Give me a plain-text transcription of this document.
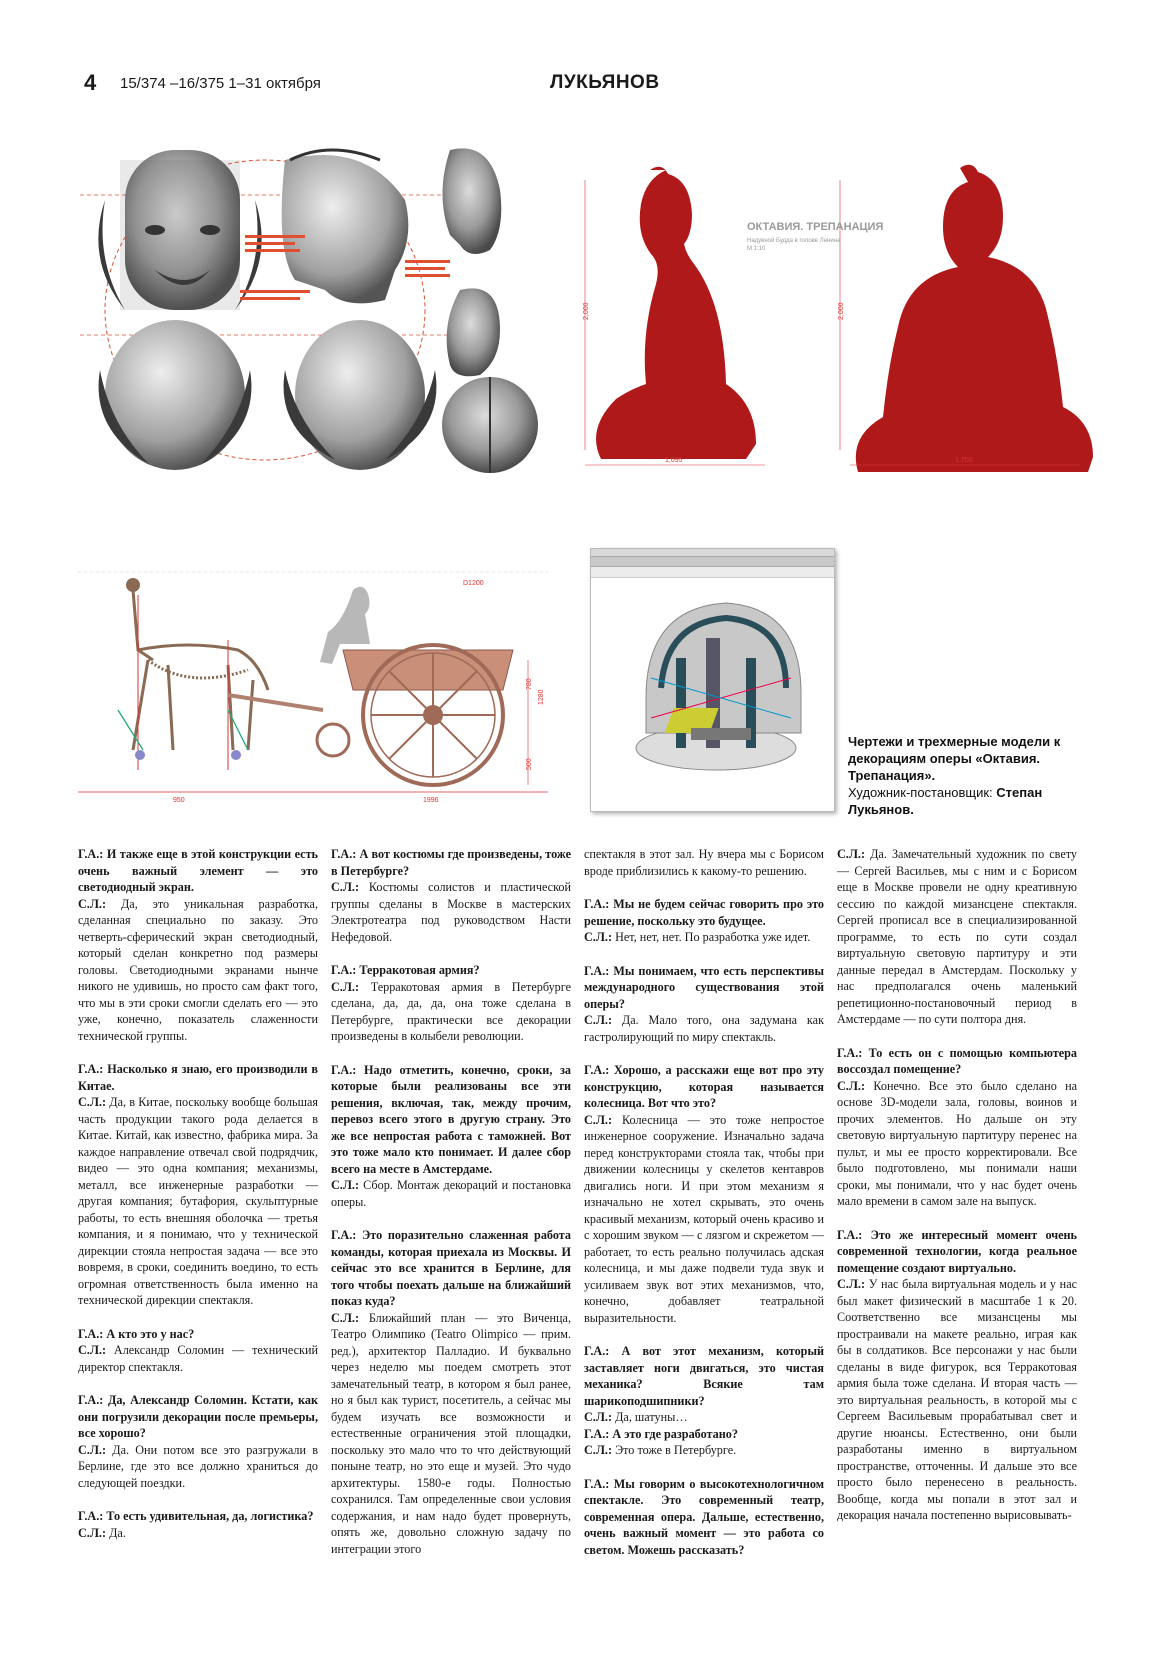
4 15/374 –16/375 1–31 октября	ЛУКЬЯНОВ
2,000	2,000
1,095	1,700
ОКТАВИЯ. ТРЕПАНАЦИЯ
Надувной Будда в голове Ленина
М 1:10
780
1280
500
D1200
1996
950
Чертежи и трехмерные модели к декорациям оперы «Октавия. Трепанация».
Художник-постановщик: Степан Лукьянов.

Г.А.: И также еще в этой конструкции есть очень важный элемент — это светодиодный экран.

С.Л.: Да, это уникальная разработка, сделанная специально по заказу. Это четверть-сферический экран светодиодный, который сделан конкретно под размеры головы. Светодиодными экранами нынче никого не удивишь, но просто сам факт того, что мы в эти сроки смогли сделать его — это уже, конечно, показатель слаженности технической группы.

Г.А.: Насколько я знаю, его производили в Китае.

С.Л.: Да, в Китае, поскольку вообще большая часть продукции такого рода делается в Китае. Китай, как известно, фабрика мира. За каждое направление отвечал свой подрядчик, видео — это одна компания; механизмы, металл, все инженерные разработки — другая компания; бутафория, скульптурные работы, то есть внешняя оболочка — третья компания, и я понимаю, что у технической дирекции стояла непростая задача — все это вовремя, в сроки, соединить воедино, то есть огромная ответственность была именно на технической дирекции спектакля.

Г.А.: А кто это у нас?

С.Л.: Александр Соломин — технический директор спектакля.

Г.А.: Да, Александр Соломин. Кстати, как они погрузили декорации после премьеры, все хорошо?

С.Л.: Да. Они потом все это разгружали в Берлине, где это все должно храниться до следующей поездки.

Г.А.: То есть удивительная, да, логистика?

С.Л.: Да.

Г.А.: А вот костюмы где произведены, тоже в Петербурге?

С.Л.: Костюмы солистов и пластической группы сделаны в Москве в мастерских Электротеатра под руководством Насти Нефедовой.

Г.А.: Терракотовая армия?

С.Л.: Терракотовая армия в Петербурге сделана, да, да, да, она тоже сделана в Петербурге, практически все декорации произведены в колыбели революции.

Г.А.: Надо отметить, конечно, сроки, за которые были реализованы все эти решения, включая, так, между прочим, перевоз всего этого в другую страну. Это же все непростая работа с таможней. Вот это тоже мало кто понимает. И далее сбор всего на месте в Амстердаме.

С.Л.: Сбор. Монтаж декораций и постановка оперы.

Г.А.: Это поразительно слаженная работа команды, которая приехала из Москвы. И сейчас это все хранится в Берлине, для того чтобы поехать дальше на ближайший показ куда?

С.Л.: Ближайший план — это Виченца, Театро Олимпико (Teatro Olimpico — прим. ред.), архитектор Палладио. И буквально через неделю мы поедем смотреть этот замечательный театр, в котором я был ранее, но я был как турист, посетитель, а сейчас мы будем изучать все возможности и естественные ограничения этой площадки, поскольку это мало что то что действующий поныне театр, но это еще и музей. Это чудо архитектуры. 1580-е годы. Полностью сохранился. Там определенные свои условия содержания, и нам надо будет провернуть, опять же, довольно сложную задачу по интеграции этого

спектакля в этот зал. Ну вчера мы с Борисом вроде приблизились к какому-то решению.

Г.А.: Мы не будем сейчас говорить про это решение, поскольку это будущее.

С.Л.: Нет, нет, нет. По разработка уже идет.

Г.А.: Мы понимаем, что есть перспективы международного существования этой оперы?

С.Л.: Да. Мало того, она задумана как гастролирующий по миру спектакль.

Г.А.: Хорошо, а расскажи еще вот про эту конструкцию, которая называется колесница. Вот что это?

С.Л.: Колесница — это тоже непростое инженерное сооружение. Изначально задача перед конструкторами стояла так, чтобы при движении колесницы у скелетов кентавров двигались ноги. И при этом механизм я изначально не хотел скрывать, это очень красивый механизм, который очень красиво и с хорошим звуком — с лязгом и скрежетом — работает, то есть реально получилась адская колесница, и мы даже подвели туда звук и усиливаем звук вот этих механизмов, что, конечно, добавляет театральной выразительности.

Г.А.: А вот этот механизм, который заставляет ноги двигаться, это чистая механика? Всякие там шарикоподшипники?

С.Л.: Да, шатуны…

Г.А.: А это где разработано?

С.Л.: Это тоже в Петербурге.

Г.А.: Мы говорим о высокотехнологичном спектакле. Это современный театр, современная опера. Дальше, естественно, очень важный момент — это работа со светом. Можешь рассказать?

С.Л.: Да. Замечательный художник по свету — Сергей Васильев, мы с ним и с Борисом еще в Москве провели не одну креативную сессию по каждой мизансцене спектакля. Сергей прописал все в специализированной программе, то есть по сути создал виртуальную световую партитуру и эти данные передал в Амстердам. Поскольку у нас предполагался очень маленький репетиционно-постановочный период в Амстердаме — по сути полтора дня.

Г.А.: То есть он с помощью компьютера воссоздал помещение?

С.Л.: Конечно. Все это было сделано на основе 3D-модели зала, головы, воинов и прочих элементов. Но дальше он эту световую виртуальную партитуру перенес на пульт, и мы ее просто корректировали. Все было подготовлено, мы понимали наши сроки, мы понимали, что у нас будет очень мало времени в самом зале на выпуск.

Г.А.: Это же интересный момент очень современной технологии, когда реальное помещение создают виртуально.

С.Л.: У нас была виртуальная модель и у нас был макет физический в масштабе 1 к 20. Соответственно все мизансцены мы прострaивали на макете реально, играя как бы в солдатиков. Все персонажи у нас были сделаны в виде фигурок, вся Терракотовая армия была тоже сделана. И вторая часть — это виртуальная реальность, в которой мы с Сергеем Васильевым прорабатывал свет и другие нюансы. Естественно, они были разработаны именно в виртуальном пространстве, отточенны. И дальше это все просто было перенесено в реальность. Вообще, когда мы попали в этот зал и декорация начала постепенно вырисовывать-
